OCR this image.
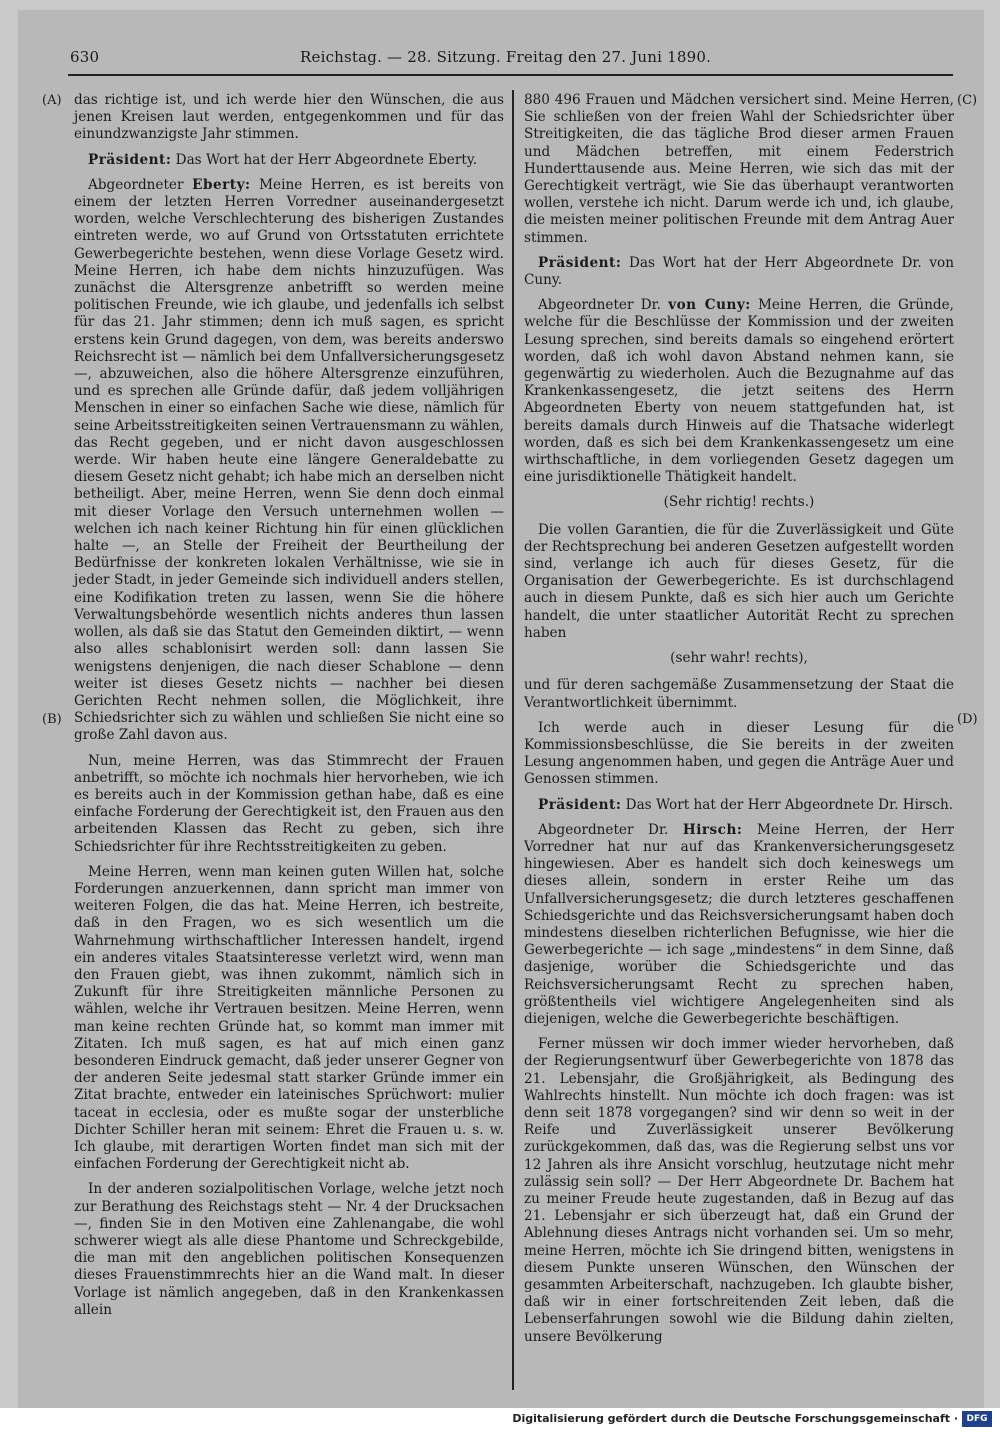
630	Reichstag. — 28. Sitzung. Freitag den 27. Juni 1890.
(A)
(B)
(C)
(D)

das richtige ist, und ich werde hier den Wünschen, die aus jenen Kreisen laut werden, entgegenkommen und für das einundzwanzigste Jahr stimmen.

Präsident: Das Wort hat der Herr Abgeordnete Eberty.

Abgeordneter Eberty: Meine Herren, es ist bereits von einem der letzten Herren Vorredner auseinandergesetzt worden, welche Verschlechterung des bisherigen Zustandes eintreten werde, wo auf Grund von Ortsstatuten errichtete Gewerbegerichte bestehen, wenn diese Vorlage Gesetz wird. Meine Herren, ich habe dem nichts hinzuzufügen. Was zunächst die Altersgrenze anbetrifft so werden meine politischen Freunde, wie ich glaube, und jedenfalls ich selbst für das 21. Jahr stimmen; denn ich muß sagen, es spricht erstens kein Grund dagegen, von dem, was bereits anderswo Reichsrecht ist — nämlich bei dem Unfallversicherungsgesetz —, abzuweichen, also die höhere Altersgrenze einzuführen, und es sprechen alle Gründe dafür, daß jedem volljährigen Menschen in einer so einfachen Sache wie diese, nämlich für seine Arbeitsstreitigkeiten seinen Vertrauensmann zu wählen, das Recht gegeben, und er nicht davon ausgeschlossen werde. Wir haben heute eine längere Generaldebatte zu diesem Gesetz nicht gehabt; ich habe mich an derselben nicht betheiligt. Aber, meine Herren, wenn Sie denn doch einmal mit dieser Vorlage den Versuch unternehmen wollen — welchen ich nach keiner Richtung hin für einen glücklichen halte —, an Stelle der Freiheit der Beurtheilung der Bedürfnisse der konkreten lokalen Verhältnisse, wie sie in jeder Stadt, in jeder Gemeinde sich individuell anders stellen, eine Kodifikation treten zu lassen, wenn Sie die höhere Verwaltungsbehörde wesentlich nichts anderes thun lassen wollen, als daß sie das Statut den Gemeinden diktirt, — wenn also alles schablonisirt werden soll: dann lassen Sie wenigstens denjenigen, die nach dieser Schablone — denn weiter ist dieses Gesetz nichts — nachher bei diesen Gerichten Recht nehmen sollen, die Möglichkeit, ihre Schiedsrichter sich zu wählen und schließen Sie nicht eine so große Zahl davon aus.

Nun, meine Herren, was das Stimmrecht der Frauen anbetrifft, so möchte ich nochmals hier hervorheben, wie ich es bereits auch in der Kommission gethan habe, daß es eine einfache Forderung der Gerechtigkeit ist, den Frauen aus den arbeitenden Klassen das Recht zu geben, sich ihre Schiedsrichter für ihre Rechtsstreitigkeiten zu geben.

Meine Herren, wenn man keinen guten Willen hat, solche Forderungen anzuerkennen, dann spricht man immer von weiteren Folgen, die das hat. Meine Herren, ich bestreite, daß in den Fragen, wo es sich wesentlich um die Wahrnehmung wirthschaftlicher Interessen handelt, irgend ein anderes vitales Staatsinteresse verletzt wird, wenn man den Frauen giebt, was ihnen zukommt, nämlich sich in Zukunft für ihre Streitigkeiten männliche Personen zu wählen, welche ihr Vertrauen besitzen. Meine Herren, wenn man keine rechten Gründe hat, so kommt man immer mit Zitaten. Ich muß sagen, es hat auf mich einen ganz besonderen Eindruck gemacht, daß jeder unserer Gegner von der anderen Seite jedesmal statt starker Gründe immer ein Zitat brachte, entweder ein lateinisches Sprüchwort: mulier taceat in ecclesia, oder es mußte sogar der unsterbliche Dichter Schiller heran mit seinem: Ehret die Frauen u. s. w. Ich glaube, mit derartigen Worten findet man sich mit der einfachen Forderung der Gerechtigkeit nicht ab.

In der anderen sozialpolitischen Vorlage, welche jetzt noch zur Berathung des Reichstags steht — Nr. 4 der Drucksachen —, finden Sie in den Motiven eine Zahlenangabe, die wohl schwerer wiegt als alle diese Phantome und Schreckgebilde, die man mit den angeblichen politischen Konsequenzen dieses Frauenstimmrechts hier an die Wand malt. In dieser Vorlage ist nämlich angegeben, daß in den Krankenkassen allein

880 496 Frauen und Mädchen versichert sind. Meine Herren, Sie schließen von der freien Wahl der Schiedsrichter über Streitigkeiten, die das tägliche Brod dieser armen Frauen und Mädchen betreffen, mit einem Federstrich Hunderttausende aus. Meine Herren, wie sich das mit der Gerechtigkeit verträgt, wie Sie das überhaupt verantworten wollen, verstehe ich nicht. Darum werde ich und, ich glaube, die meisten meiner politischen Freunde mit dem Antrag Auer stimmen.

Präsident: Das Wort hat der Herr Abgeordnete Dr. von Cuny.

Abgeordneter Dr. von Cuny: Meine Herren, die Gründe, welche für die Beschlüsse der Kommission und der zweiten Lesung sprechen, sind bereits damals so eingehend erörtert worden, daß ich wohl davon Abstand nehmen kann, sie gegenwärtig zu wiederholen. Auch die Bezugnahme auf das Krankenkassengesetz, die jetzt seitens des Herrn Abgeordneten Eberty von neuem stattgefunden hat, ist bereits damals durch Hinweis auf die Thatsache widerlegt worden, daß es sich bei dem Krankenkassengesetz um eine wirthschaftliche, in dem vorliegenden Gesetz dagegen um eine jurisdiktionelle Thätigkeit handelt.

(Sehr richtig! rechts.)

Die vollen Garantien, die für die Zuverlässigkeit und Güte der Rechtsprechung bei anderen Gesetzen aufgestellt worden sind, verlange ich auch für dieses Gesetz, für die Organisation der Gewerbegerichte. Es ist durchschlagend auch in diesem Punkte, daß es sich hier auch um Gerichte handelt, die unter staatlicher Autorität Recht zu sprechen haben

(sehr wahr! rechts),

und für deren sachgemäße Zusammensetzung der Staat die Verantwortlichkeit übernimmt.

Ich werde auch in dieser Lesung für die Kommissionsbeschlüsse, die Sie bereits in der zweiten Lesung angenommen haben, und gegen die Anträge Auer und Genossen stimmen.

Präsident: Das Wort hat der Herr Abgeordnete Dr. Hirsch.

Abgeordneter Dr. Hirsch: Meine Herren, der Herr Vorredner hat nur auf das Krankenversicherungsgesetz hingewiesen. Aber es handelt sich doch keineswegs um dieses allein, sondern in erster Reihe um das Unfallversicherungsgesetz; die durch letzteres geschaffenen Schiedsgerichte und das Reichsversicherungsamt haben doch mindestens dieselben richterlichen Befugnisse, wie hier die Gewerbegerichte — ich sage „mindestens“ in dem Sinne, daß dasjenige, worüber die Schiedsgerichte und das Reichsversicherungsamt Recht zu sprechen haben, größtentheils viel wichtigere Angelegenheiten sind als diejenigen, welche die Gewerbegerichte beschäftigen.

Ferner müssen wir doch immer wieder hervorheben, daß der Regierungsentwurf über Gewerbegerichte von 1878 das 21. Lebensjahr, die Großjährigkeit, als Bedingung des Wahlrechts hinstellt. Nun möchte ich doch fragen: was ist denn seit 1878 vorgegangen? sind wir denn so weit in der Reife und Zuverlässigkeit unserer Bevölkerung zurückgekommen, daß das, was die Regierung selbst uns vor 12 Jahren als ihre Ansicht vorschlug, heutzutage nicht mehr zulässig sein soll? — Der Herr Abgeordnete Dr. Bachem hat zu meiner Freude heute zugestanden, daß in Bezug auf das 21. Lebensjahr er sich überzeugt hat, daß ein Grund der Ablehnung dieses Antrags nicht vorhanden sei. Um so mehr, meine Herren, möchte ich Sie dringend bitten, wenigstens in diesem Punkte unseren Wünschen, den Wünschen der gesammten Arbeiterschaft, nachzugeben. Ich glaubte bisher, daß wir in einer fortschreitenden Zeit leben, daß die Lebenserfahrungen sowohl wie die Bildung dahin zielten, unsere Bevölkerung

Digitalisierung gefördert durch die Deutsche Forschungsgemeinschaft · DFG
